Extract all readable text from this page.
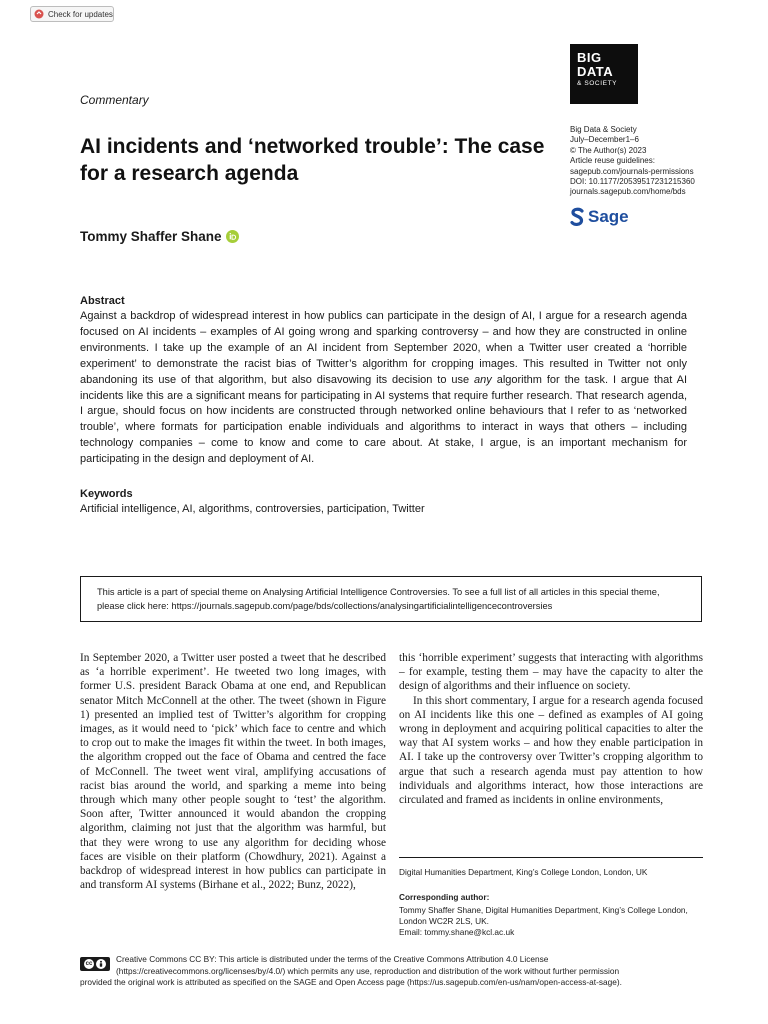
Check for updates
Commentary
AI incidents and ‘networked trouble’: The case for a research agenda
Tommy Shaffer Shane
BIG
DATA
& SOCIETY
Big Data & Society
July–December1–6
© The Author(s) 2023
Article reuse guidelines:
sagepub.com/journals-permissions
DOI: 10.1177/20539517231215360
journals.sagepub.com/home/bds
Sage
Abstract
Against a backdrop of widespread interest in how publics can participate in the design of AI, I argue for a research agenda focused on AI incidents – examples of AI going wrong and sparking controversy – and how they are constructed in online environments. I take up the example of an AI incident from September 2020, when a Twitter user created a ‘horrible experiment’ to demonstrate the racist bias of Twitter’s algorithm for cropping images. This resulted in Twitter not only abandoning its use of that algorithm, but also disavowing its decision to use any algorithm for the task. I argue that AI incidents like this are a significant means for participating in AI systems that require further research. That research agenda, I argue, should focus on how incidents are constructed through networked online behaviours that I refer to as ‘networked trouble’, where formats for participation enable individuals and algorithms to interact in ways that others – including technology companies – come to know and come to care about. At stake, I argue, is an important mechanism for participating in the design and deployment of AI.
Keywords
Artificial intelligence, AI, algorithms, controversies, participation, Twitter
This article is a part of special theme on Analysing Artificial Intelligence Controversies. To see a full list of all articles in this special theme, please click here: https://journals.sagepub.com/page/bds/collections/analysingartificialintelligencecontroversies

In September 2020, a Twitter user posted a tweet that he described as ‘a horrible experiment’. He tweeted two long images, with former U.S. president Barack Obama at one end, and Republican senator Mitch McConnell at the other. The tweet (shown in Figure 1) presented an implied test of Twitter’s algorithm for cropping images, as it would need to ‘pick’ which face to centre and which to crop out to make the images fit within the tweet. In both images, the algorithm cropped out the face of Obama and centred the face of McConnell. The tweet went viral, amplifying accusations of racist bias around the world, and sparking a meme into being through which many other people sought to ‘test’ the algorithm. Soon after, Twitter announced it would abandon the cropping algorithm, claiming not just that the algorithm was harmful, but that they were wrong to use any algorithm for deciding whose faces are visible on their platform (Chowdhury, 2021). Against a backdrop of widespread interest in how publics can participate in and transform AI systems (Birhane et al., 2022; Bunz, 2022),

this ‘horrible experiment’ suggests that interacting with algorithms – for example, testing them – may have the capacity to alter the design of algorithms and their influence on society.

In this short commentary, I argue for a research agenda focused on AI incidents like this one – defined as examples of AI going wrong in deployment and acquiring political capacities to alter the way that AI system works – and how they enable participation in AI. I take up the controversy over Twitter’s cropping algorithm to argue that such a research agenda must pay attention to how individuals and algorithms interact, how those interactions are circulated and framed as incidents in online environments,

Digital Humanities Department, King’s College London, London, UK
Corresponding author:
Tommy Shaffer Shane, Digital Humanities Department, King’s College London, London WC2R 2LS, UK.
Email: tommy.shane@kcl.ac.uk
cc	Creative Commons CC BY: This article is distributed under the terms of the Creative Commons Attribution 4.0 License (https://creativecommons.org/licenses/by/4.0/) which permits any use, reproduction and distribution of the work without further permission
provided the original work is attributed as specified on the SAGE and Open Access page (https://us.sagepub.com/en-us/nam/open-access-at-sage).
